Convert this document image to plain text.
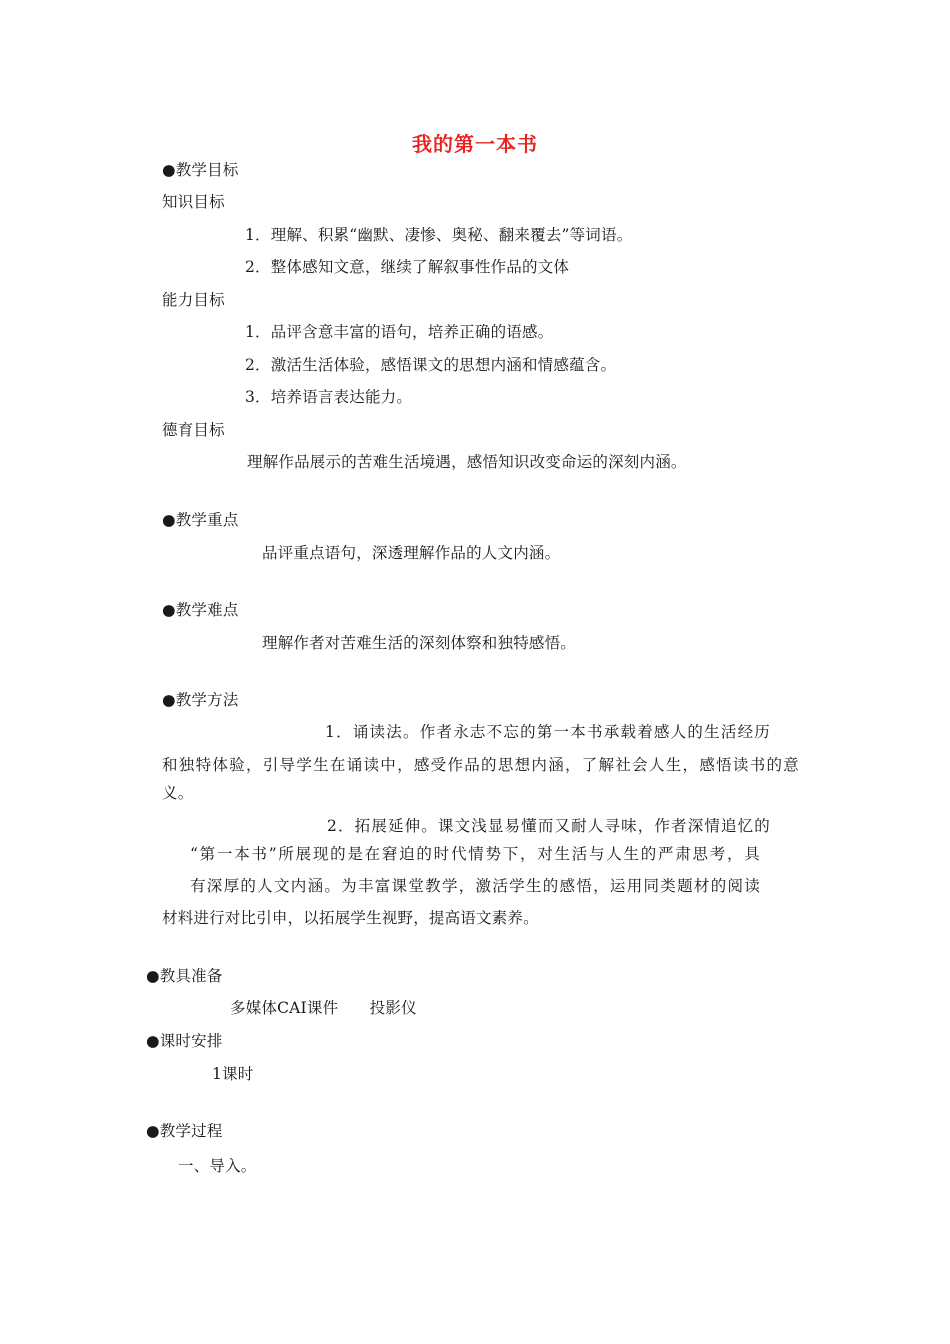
我的第一本书
●教学目标
知识目标
1．理解、积累“幽默、凄惨、奥秘、翻来覆去”等词语。
2．整体感知文意，继续了解叙事性作品的文体
能力目标
1．品评含意丰富的语句，培养正确的语感。
2．激活生活体验，感悟课文的思想内涵和情感蕴含。
3．培养语言表达能力。
德育目标
理解作品展示的苦难生活境遇，感悟知识改变命运的深刻内涵。
●教学重点
品评重点语句，深透理解作品的人文内涵。
●教学难点
理解作者对苦难生活的深刻体察和独特感悟。
●教学方法
1．诵读法。作者永志不忘的第一本书承载着感人的生活经历
和独特体验，引导学生在诵读中，感受作品的思想内涵，了解社会人生，感悟读书的意
义。
2．拓展延伸。课文浅显易懂而又耐人寻味，作者深情追忆的
“第一本书”所展现的是在窘迫的时代情势下，对生活与人生的严肃思考，具
有深厚的人文内涵。为丰富课堂教学，激活学生的感悟，运用同类题材的阅读
材料进行对比引申，以拓展学生视野，提高语文素养。
●教具准备
多媒体CAI课件　　投影仪
●课时安排
1课时
●教学过程
一、导入。
